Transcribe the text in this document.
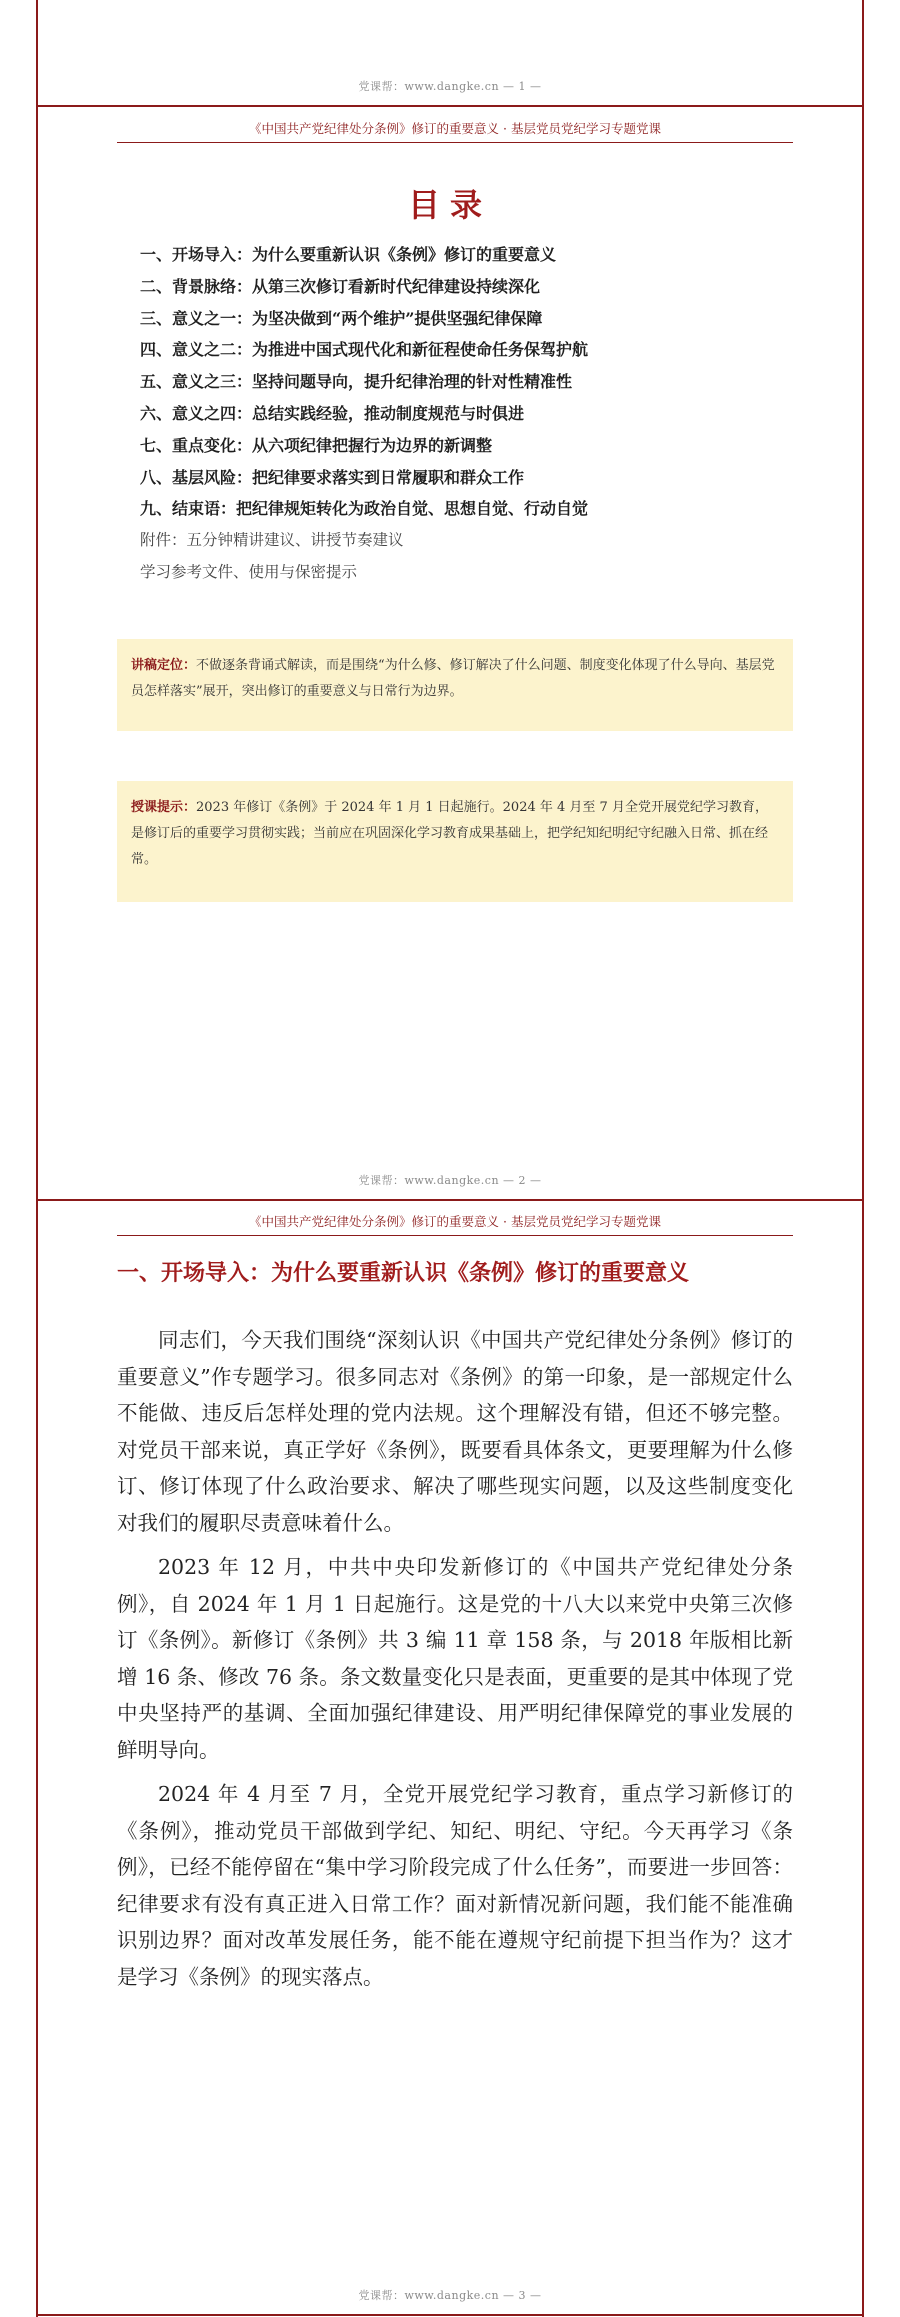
党课帮：www.dangke.cn — 1 —
《中国共产党纪律处分条例》修订的重要意义 · 基层党员党纪学习专题党课
目录
一、开场导入：为什么要重新认识《条例》修订的重要意义
二、背景脉络：从第三次修订看新时代纪律建设持续深化
三、意义之一：为坚决做到“两个维护”提供坚强纪律保障
四、意义之二：为推进中国式现代化和新征程使命任务保驾护航
五、意义之三：坚持问题导向，提升纪律治理的针对性精准性
六、意义之四：总结实践经验，推动制度规范与时俱进
七、重点变化：从六项纪律把握行为边界的新调整
八、基层风险：把纪律要求落实到日常履职和群众工作
九、结束语：把纪律规矩转化为政治自觉、思想自觉、行动自觉
附件：五分钟精讲建议、讲授节奏建议
学习参考文件、使用与保密提示
讲稿定位：不做逐条背诵式解读，而是围绕“为什么修、修订解决了什么问题、制度变化体现了什么导向、基层党员怎样落实”展开，突出修订的重要意义与日常行为边界。
授课提示：2023 年修订《条例》于 2024 年 1 月 1 日起施行。2024 年 4 月至 7 月全党开展党纪学习教育，是修订后的重要学习贯彻实践；当前应在巩固深化学习教育成果基础上，把学纪知纪明纪守纪融入日常、抓在经常。
党课帮：www.dangke.cn — 2 —
《中国共产党纪律处分条例》修订的重要意义 · 基层党员党纪学习专题党课
一、开场导入：为什么要重新认识《条例》修订的重要意义

同志们，今天我们围绕“深刻认识《中国共产党纪律处分条例》修订的重要意义”作专题学习。很多同志对《条例》的第一印象，是一部规定什么不能做、违反后怎样处理的党内法规。这个理解没有错，但还不够完整。对党员干部来说，真正学好《条例》，既要看具体条文，更要理解为什么修订、修订体现了什么政治要求、解决了哪些现实问题，以及这些制度变化对我们的履职尽责意味着什么。

2023 年 12 月，中共中央印发新修订的《中国共产党纪律处分条例》，自 2024 年 1 月 1 日起施行。这是党的十八大以来党中央第三次修订《条例》。新修订《条例》共 3 编 11 章 158 条，与 2018 年版相比新增 16 条、修改 76 条。条文数量变化只是表面，更重要的是其中体现了党中央坚持严的基调、全面加强纪律建设、用严明纪律保障党的事业发展的鲜明导向。

2024 年 4 月至 7 月，全党开展党纪学习教育，重点学习新修订的《条例》，推动党员干部做到学纪、知纪、明纪、守纪。今天再学习《条例》，已经不能停留在“集中学习阶段完成了什么任务”，而要进一步回答：纪律要求有没有真正进入日常工作？面对新情况新问题，我们能不能准确识别边界？面对改革发展任务，能不能在遵规守纪前提下担当作为？这才是学习《条例》的现实落点。

党课帮：www.dangke.cn — 3 —
